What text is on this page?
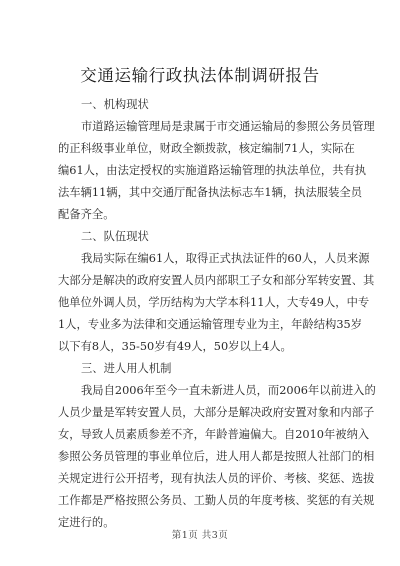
交通运输行政执法体制调研报告

一、机构现状

市道路运输管理局是隶属于市交通运输局的参照公务员管理
的正科级事业单位，财政全额拨款，核定编制71人，实际在
编61人，由法定授权的实施道路运输管理的执法单位，共有执
法车辆11辆，其中交通厅配备执法标志车1辆，执法服装全员
配备齐全。

二、队伍现状

我局实际在编61人，取得正式执法证件的60人，人员来源
大部分是解决的政府安置人员内部职工子女和部分军转安置、其
他单位外调人员，学历结构为大学本科11人，大专49人，中专
1人，专业多为法律和交通运输管理专业为主，年龄结构35岁
以下有8人，35-50岁有49人，50岁以上4人。

三、进人用人机制

我局自2006年至今一直未新进人员，而2006年以前进入的
人员少量是军转安置人员，大部分是解决政府安置对象和内部子
女，导致人员素质参差不齐，年龄普遍偏大。自2010年被纳入
参照公务员管理的事业单位后，进人用人都是按照人社部门的相
关规定进行公开招考，现有执法人员的评价、考核、奖惩、选拔
工作都是严格按照公务员、工勤人员的年度考核、奖惩的有关规
定进行的。

第1页 共3页
